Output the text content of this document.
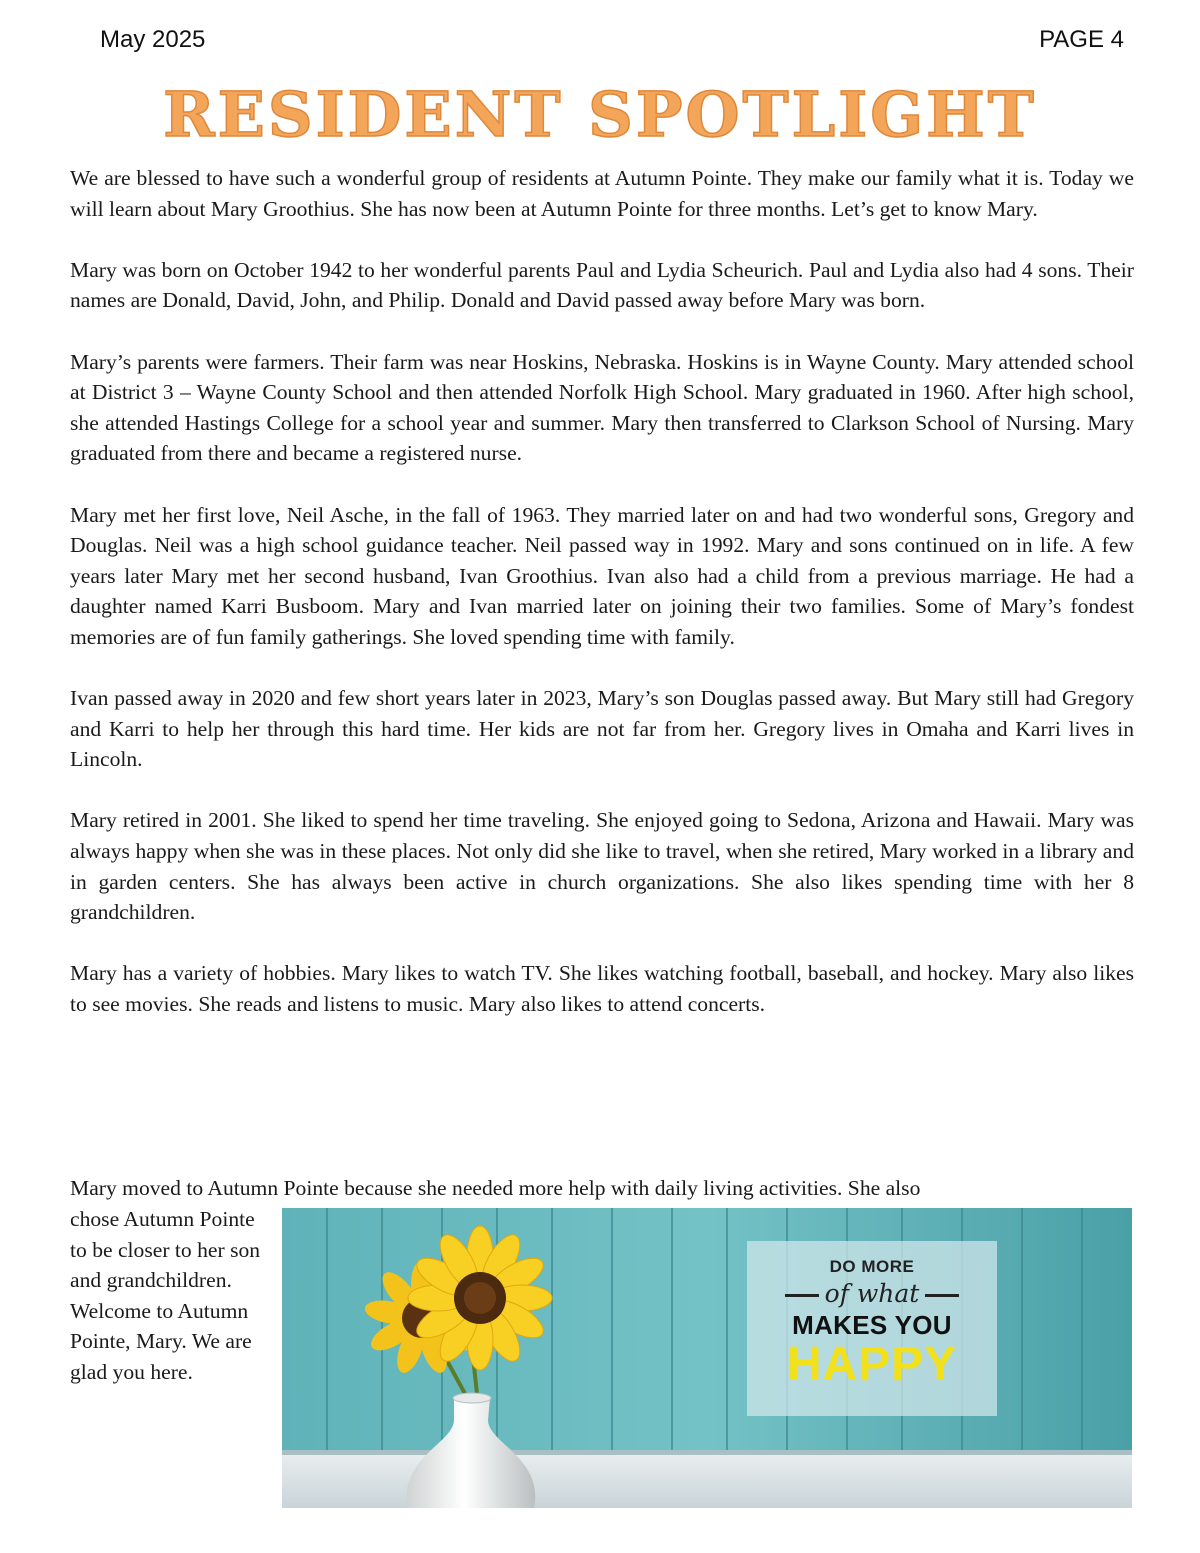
May 2025	PAGE 4
RESIDENT SPOTLIGHT

We are blessed to have such a wonderful group of residents at Autumn Pointe. They make our family what it is. Today we will learn about Mary Groothius. She has now been at Autumn Pointe for three months. Let’s get to know Mary.

Mary was born on October 1942 to her wonderful parents Paul and Lydia Scheurich. Paul and Lydia also had 4 sons. Their names are Donald, David, John, and Philip. Donald and David passed away before Mary was born.

Mary’s parents were farmers. Their farm was near Hoskins, Nebraska. Hoskins is in Wayne County. Mary attended school at District 3 – Wayne County School and then attended Norfolk High School. Mary graduated in 1960. After high school, she attended Hastings College for a school year and summer. Mary then transferred to Clarkson School of Nursing. Mary graduated from there and became a registered nurse.

Mary met her first love, Neil Asche, in the fall of 1963. They married later on and had two wonderful sons, Gregory and Douglas. Neil was a high school guidance teacher. Neil passed way in 1992. Mary and sons continued on in life. A few years later Mary met her second husband, Ivan Groothius. Ivan also had a child from a previous marriage. He had a daughter named Karri Busboom. Mary and Ivan married later on joining their two families. Some of Mary’s fondest memories are of fun family gatherings. She loved spending time with family.

Ivan passed away in 2020 and few short years later in 2023, Mary’s son Douglas passed away. But Mary still had Gregory and Karri to help her through this hard time. Her kids are not far from her. Gregory lives in Omaha and Karri lives in Lincoln.

Mary retired in 2001. She liked to spend her time traveling. She enjoyed going to Sedona, Arizona and Hawaii. Mary was always happy when she was in these places. Not only did she like to travel, when she retired, Mary worked in a library and in garden centers. She has always been active in church organizations. She also likes spending time with her 8 grandchildren.

Mary has a variety of hobbies. Mary likes to watch TV. She likes watching football, baseball, and hockey. Mary also likes to see movies. She reads and listens to music. Mary also likes to attend concerts.

Mary moved to Autumn Pointe because she needed more help with daily living activities. She also
chose Autumn Pointe to be closer to her son and grandchildren. Welcome to Autumn Pointe, Mary. We are glad you here.
DO MORE
of what
MAKES YOU
HAPPY
